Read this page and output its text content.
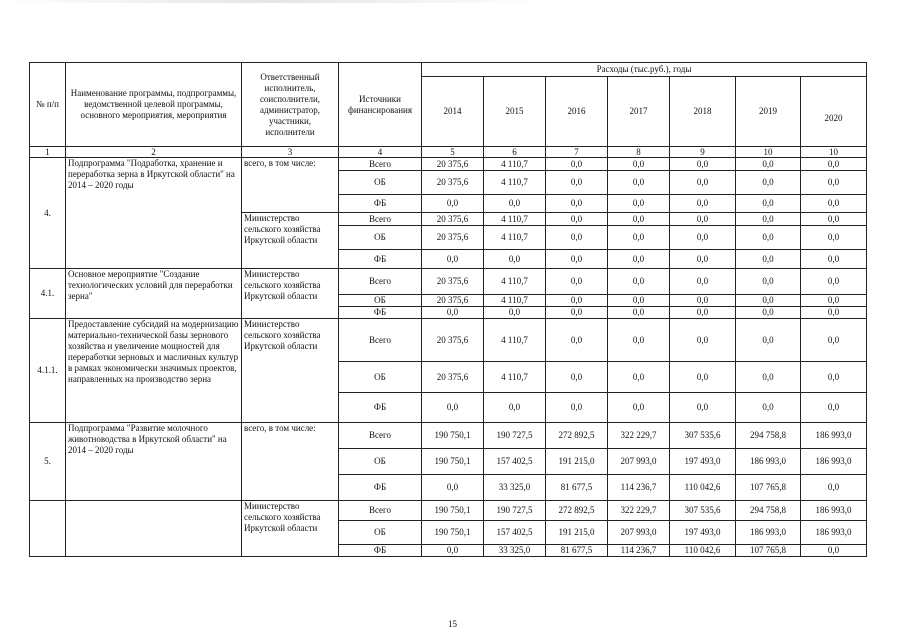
№ п/п	Наименование программы, подпрограммы, ведомственной целевой программы, основного мероприятия, мероприятия	Ответственный исполнитель, соисполнители, администратор, участники, исполнители	Источники финансирования	Расходы (тыс.руб.), годы						
				2014	2015	2016	2017	2018	2019	2020
1	2	3	4	5	6	7	8	9	10	10
4.	Подпрограмма "Подработка, хранение и переработка зерна в Иркутской области" на 2014 – 2020 годы	всего, в том числе:	Всего	20 375,6	4 110,7	0,0	0,0	0,0	0,0	0,0
			ОБ	20 375,6	4 110,7	0,0	0,0	0,0	0,0	0,0
			ФБ	0,0	0,0	0,0	0,0	0,0	0,0	0,0
		Министерство сельского хозяйства Иркутской области	Всего	20 375,6	4 110,7	0,0	0,0	0,0	0,0	0,0
			ОБ	20 375,6	4 110,7	0,0	0,0	0,0	0,0	0,0
			ФБ	0,0	0,0	0,0	0,0	0,0	0,0	0,0
4.1.	Основное мероприятие "Создание технологических условий для переработки зерна"	Министерство сельского хозяйства Иркутской области	Всего	20 375,6	4 110,7	0,0	0,0	0,0	0,0	0,0
			ОБ	20 375,6	4 110,7	0,0	0,0	0,0	0,0	0,0
			ФБ	0,0	0,0	0,0	0,0	0,0	0,0	0,0
4.1.1.	Предоставление субсидий на модернизацию материально-технической базы зернового хозяйства и увеличение мощностей для переработки зерновых и масличных культур в рамках экономически значимых проектов, направленных на производство зерна	Министерство сельского хозяйства Иркутской области	Всего	20 375,6	4 110,7	0,0	0,0	0,0	0,0	0,0
			ОБ	20 375,6	4 110,7	0,0	0,0	0,0	0,0	0,0
			ФБ	0,0	0,0	0,0	0,0	0,0	0,0	0,0
5.	Подпрограмма "Развитие молочного животноводства в Иркутской области" на 2014 – 2020 годы	всего, в том числе:	Всего	190 750,1	190 727,5	272 892,5	322 229,7	307 535,6	294 758,8	186 993,0
			ОБ	190 750,1	157 402,5	191 215,0	207 993,0	197 493,0	186 993,0	186 993,0
			ФБ	0,0	33 325,0	81 677,5	114 236,7	110 042,6	107 765,8	0,0
		Министерство сельского хозяйства Иркутской области	Всего	190 750,1	190 727,5	272 892,5	322 229,7	307 535,6	294 758,8	186 993,0
			ОБ	190 750,1	157 402,5	191 215,0	207 993,0	197 493,0	186 993,0	186 993,0
			ФБ	0,0	33 325,0	81 677,5	114 236,7	110 042,6	107 765,8	0,0
15
